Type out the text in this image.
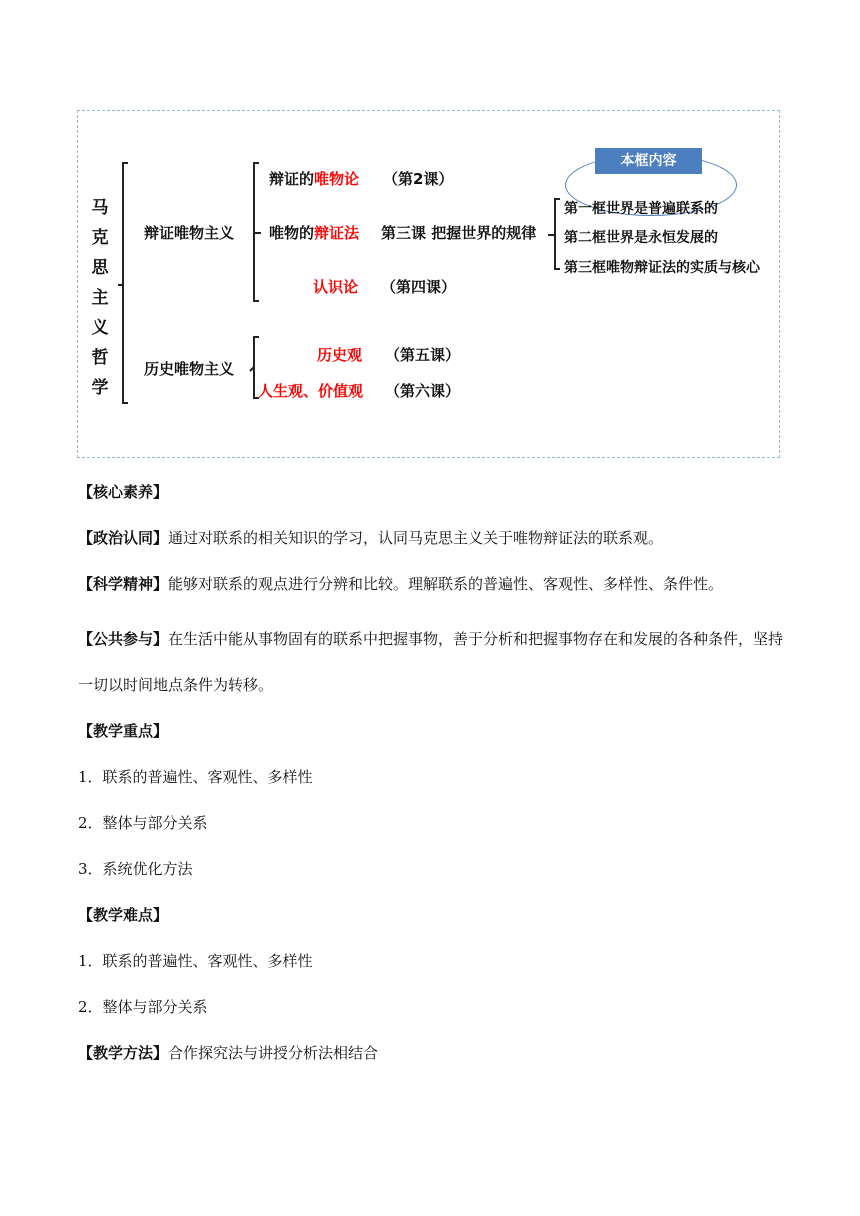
马
克
思
主
义
哲
学
辩证唯物主义
历史唯物主义
辩证的唯物论 （第2课）
唯物的辩证法 第三课 把握世界的规律
认识论 （第四课）
历史观 （第五课）
人生观、价值观 （第六课）
本框内容
第一框世界是普遍联系的
第二框世界是永恒发展的
第三框唯物辩证法的实质与核心

【核心素养】

【政治认同】通过对联系的相关知识的学习，认同马克思主义关于唯物辩证法的联系观。

【科学精神】能够对联系的观点进行分辨和比较。理解联系的普遍性、客观性、多样性、条件性。

【公共参与】在生活中能从事物固有的联系中把握事物，善于分析和把握事物存在和发展的各种条件，坚持一切以时间地点条件为转移。

【教学重点】

1．联系的普遍性、客观性、多样性

2．整体与部分关系

3．系统优化方法

【教学难点】

1．联系的普遍性、客观性、多样性

2．整体与部分关系

【教学方法】合作探究法与讲授分析法相结合
